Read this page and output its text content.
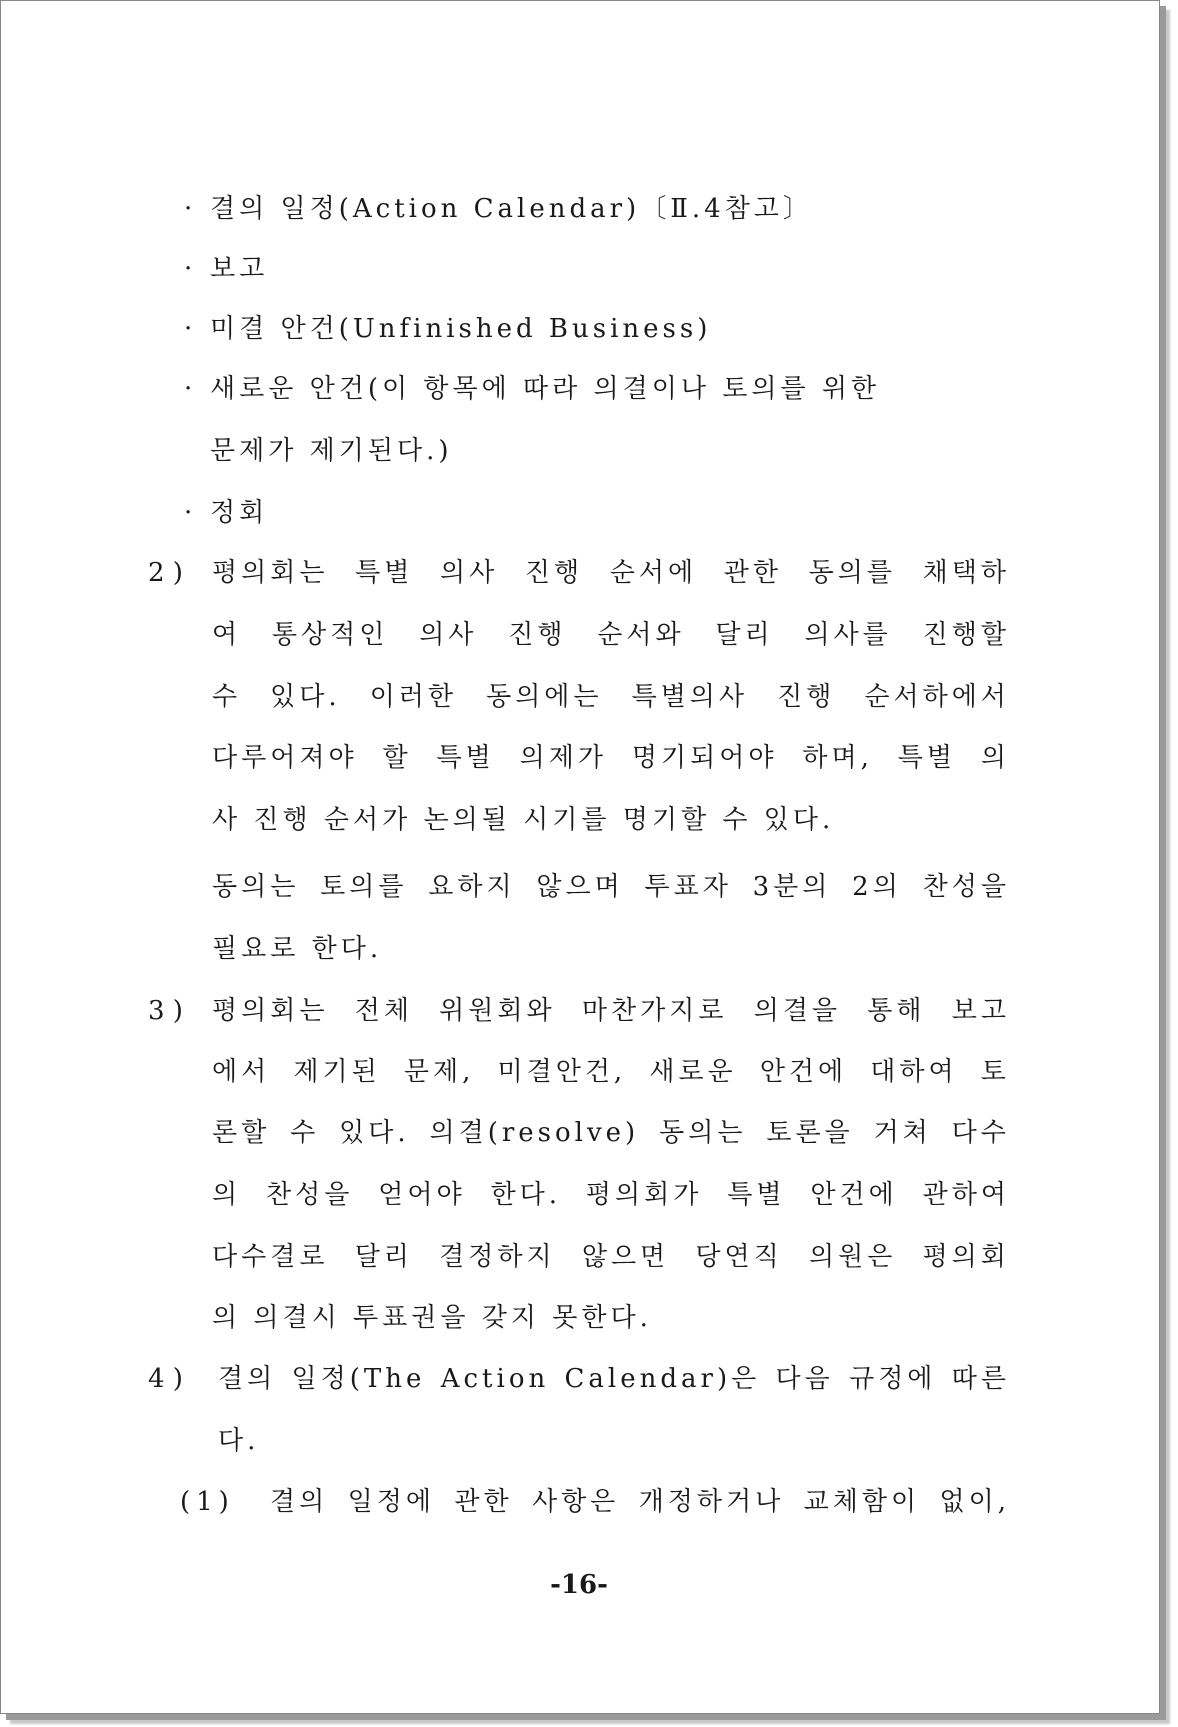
· 결의 일정(Action Calendar)〔Ⅱ.4참고〕
· 보고
· 미결 안건(Unfinished Business)
· 새로운 안건(이 항목에 따라 의결이나 토의를 위한
문제가 제기된다.)
· 정회
2 ) 평의회는 특별 의사 진행 순서에 관한 동의를 채택하
여 통상적인 의사 진행 순서와 달리 의사를 진행할
수 있다. 이러한 동의에는 특별의사 진행 순서하에서
다루어져야 할 특별 의제가 명기되어야 하며, 특별 의
사 진행 순서가 논의될 시기를 명기할 수 있다.
동의는 토의를 요하지 않으며 투표자 3분의 2의 찬성을
필요로 한다.
3 ) 평의회는 전체 위원회와 마찬가지로 의결을 통해 보고
에서 제기된 문제, 미결안건, 새로운 안건에 대하여 토
론할 수 있다. 의결(resolve) 동의는 토론을 거쳐 다수
의 찬성을 얻어야 한다. 평의회가 특별 안건에 관하여
다수결로 달리 결정하지 않으면 당연직 의원은 평의회
의 의결시 투표권을 갖지 못한다.
4 ) 결의 일정(The Action Calendar)은 다음 규정에 따른
다.
(1) 결의 일정에 관한 사항은 개정하거나 교체함이 없이,
-16-
